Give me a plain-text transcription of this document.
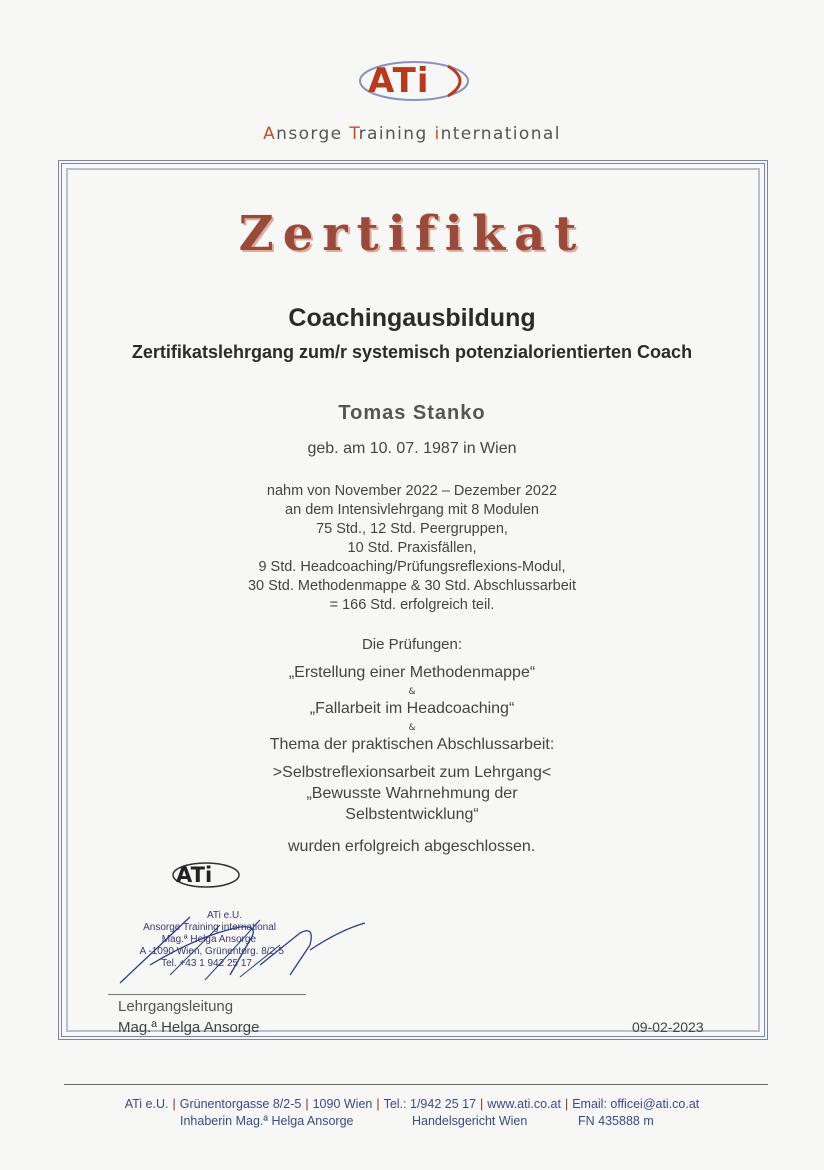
ATi
Ansorge Training international
Zertifikat
Coachingausbildung
Zertifikatslehrgang zum/r systemisch potenzialorientierten Coach
Tomas Stanko
geb. am 10. 07. 1987 in Wien
nahm von November 2022 – Dezember 2022
an dem Intensivlehrgang mit 8 Modulen
75 Std., 12 Std. Peergruppen,
10 Std. Praxisfällen,
9 Std. Headcoaching/Prüfungsreflexions-Modul,
30 Std. Methodenmappe & 30 Std. Abschlussarbeit
= 166 Std. erfolgreich teil.
Die Prüfungen:
„Erstellung einer Methodenmappe“
&
„Fallarbeit im Headcoaching“
&
Thema der praktischen Abschlussarbeit:
>Selbstreflexionsarbeit zum Lehrgang<
„Bewusste Wahrnehmung der
Selbstentwicklung“
wurden erfolgreich abgeschlossen.
ATi
ATi e.U.
Ansorge Training international
Mag.ª Helga Ansorge
A -1090 Wien, Grünentorg. 8/2-5
Tel. +43 1 942 25 17
Lehrgangsleitung
Mag.ª Helga Ansorge	09-02-2023
ATi e.U. | Grünentorgasse 8/2-5 | 1090 Wien | Tel.: 1/942 25 17 | www.ati.co.at | Email: officei@ati.co.at
Inhaberin Mag.ª Helga Ansorge	Handelsgericht Wien	FN 435888 m
